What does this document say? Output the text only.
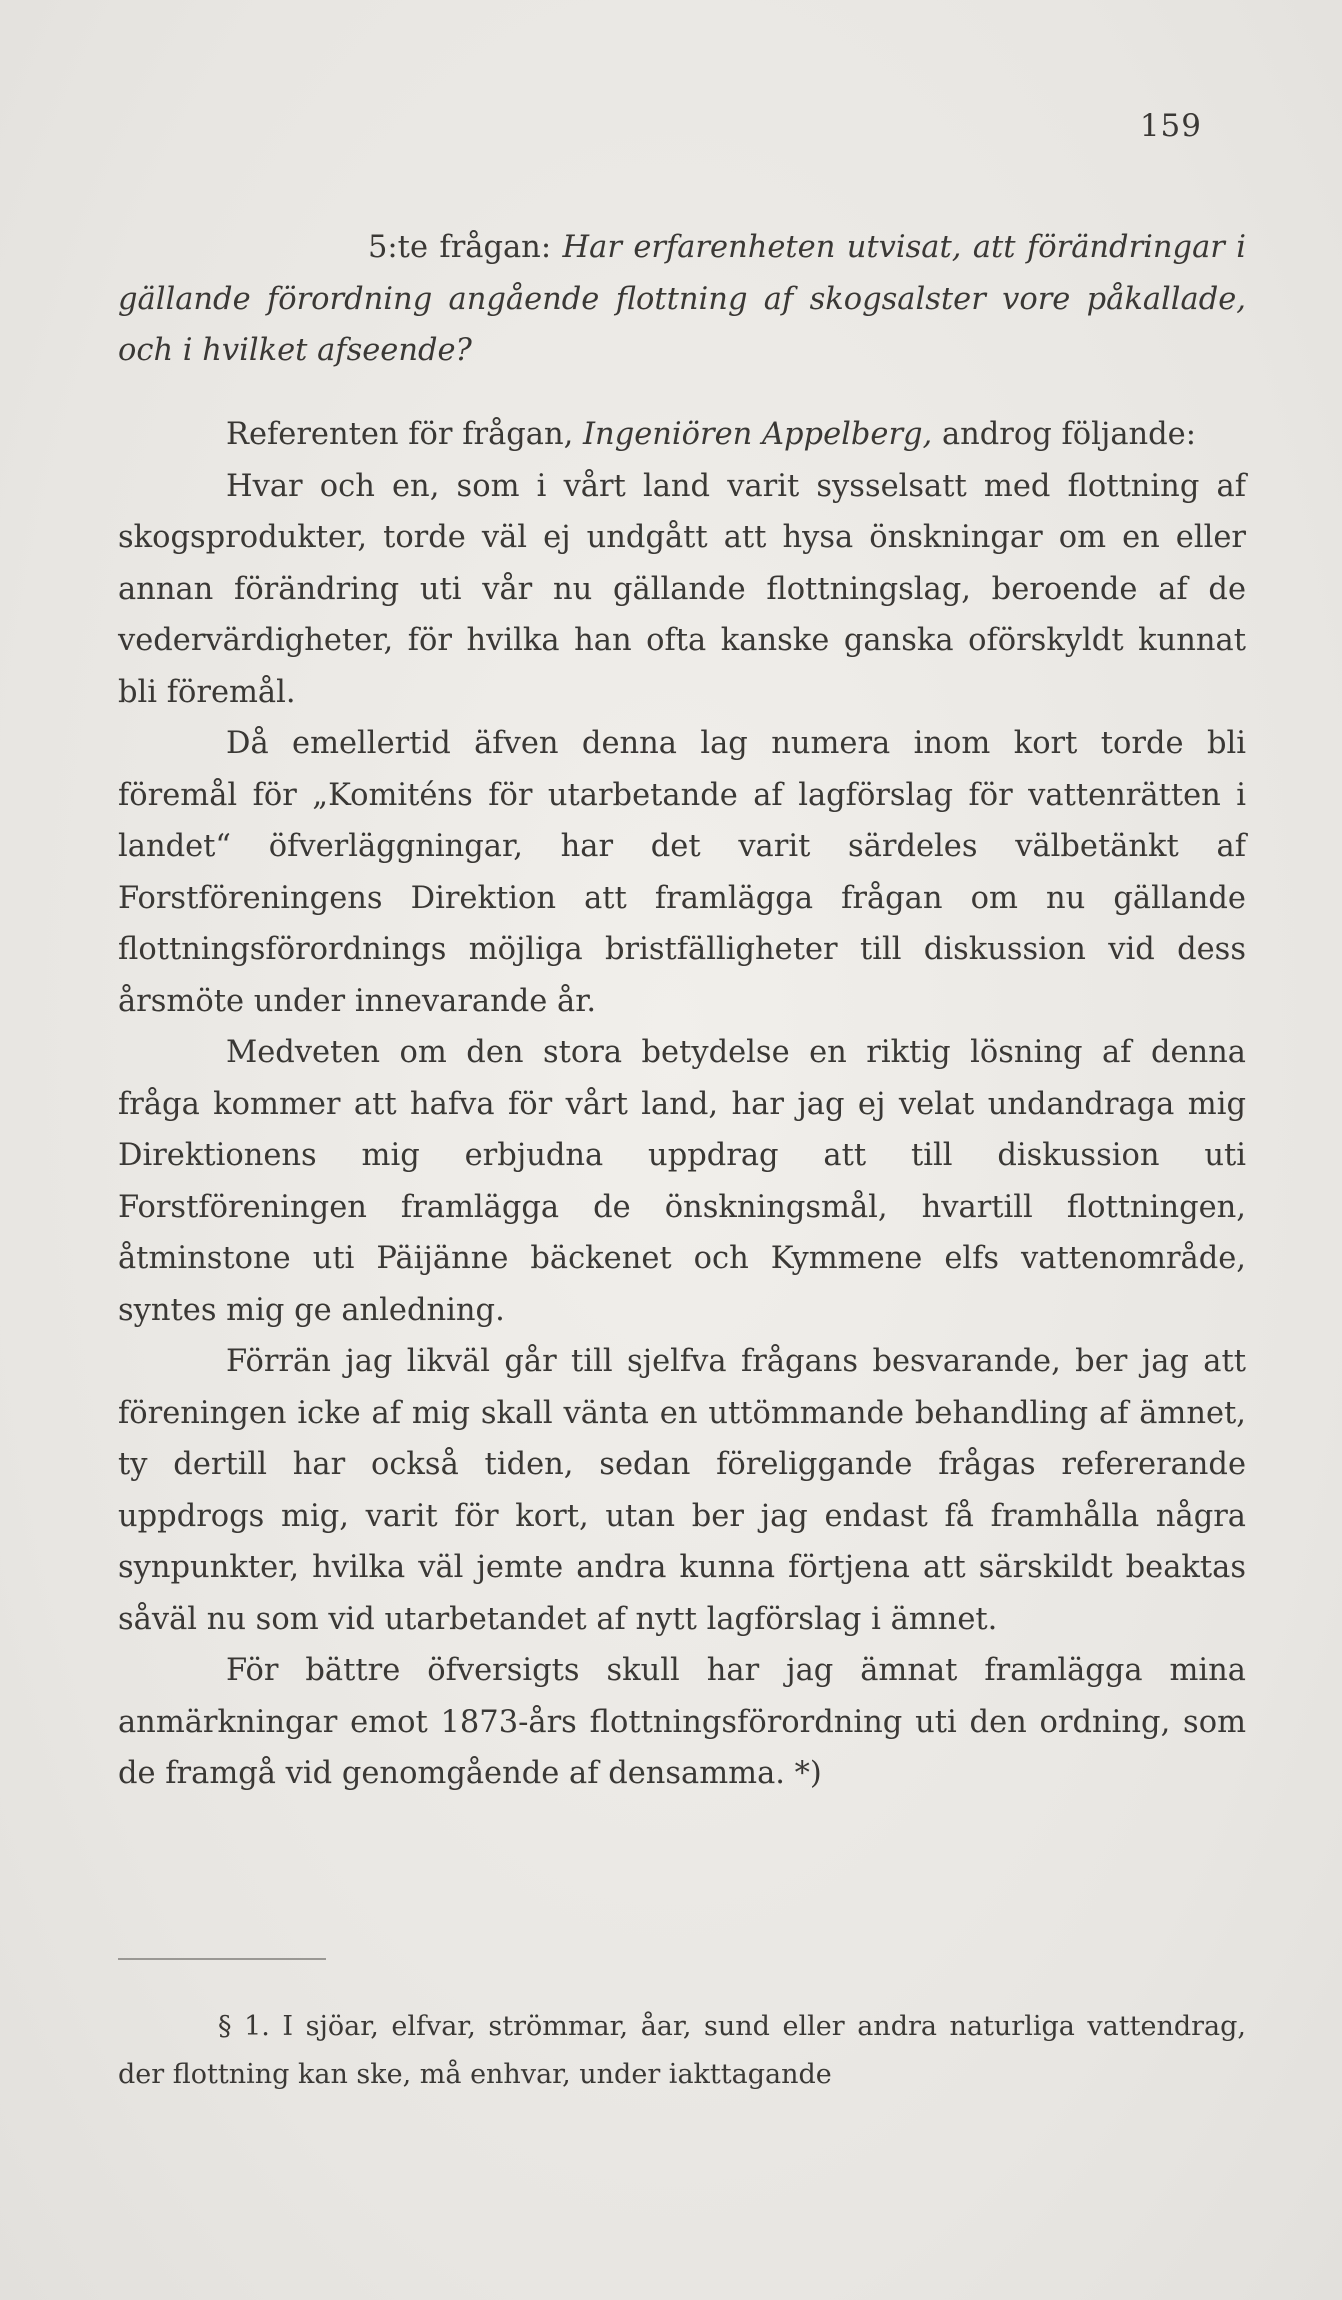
159

5:te frågan: Har erfarenheten utvisat, att förändringar i gällande förordning angående flottning af skogsalster vore påkallade, och i hvilket afseende?

Referenten för frågan, Ingeniören Appelberg, androg följande:

Hvar och en, som i vårt land varit sysselsatt med flottning af skogsprodukter, torde väl ej undgått att hysa önskningar om en eller annan förändring uti vår nu gällande flottningslag, beroende af de vedervärdigheter, för hvilka han ofta kanske ganska oförskyldt kunnat bli föremål.

Då emellertid äfven denna lag numera inom kort torde bli föremål för „Komiténs för utarbetande af lagförslag för vattenrätten i landet“ öfverläggningar, har det varit särdeles välbetänkt af Forstföreningens Direktion att framlägga frågan om nu gällande flottningsförordnings möjliga bristfälligheter till diskussion vid dess årsmöte under innevarande år.

Medveten om den stora betydelse en riktig lösning af denna fråga kommer att hafva för vårt land, har jag ej velat undandraga mig Direktionens mig erbjudna uppdrag att till diskussion uti Forstföreningen framlägga de önskningsmål, hvartill flottningen, åtminstone uti Päijänne bäckenet och Kymmene elfs vattenområde, syntes mig ge anledning.

Förrän jag likväl går till sjelfva frågans besvarande, ber jag att föreningen icke af mig skall vänta en uttömmande behandling af ämnet, ty dertill har också tiden, sedan föreliggande frågas refererande uppdrogs mig, varit för kort, utan ber jag endast få framhålla några synpunkter, hvilka väl jemte andra kunna förtjena att särskildt beaktas såväl nu som vid utarbetandet af nytt lagförslag i ämnet.

För bättre öfversigts skull har jag ämnat framlägga mina anmärkningar emot 1873-års flottningsförordning uti den ordning, som de framgå vid genomgående af densamma. *)

§ 1. I sjöar, elfvar, strömmar, åar, sund eller andra naturliga vattendrag, der flottning kan ske, må enhvar, under iakttagande
